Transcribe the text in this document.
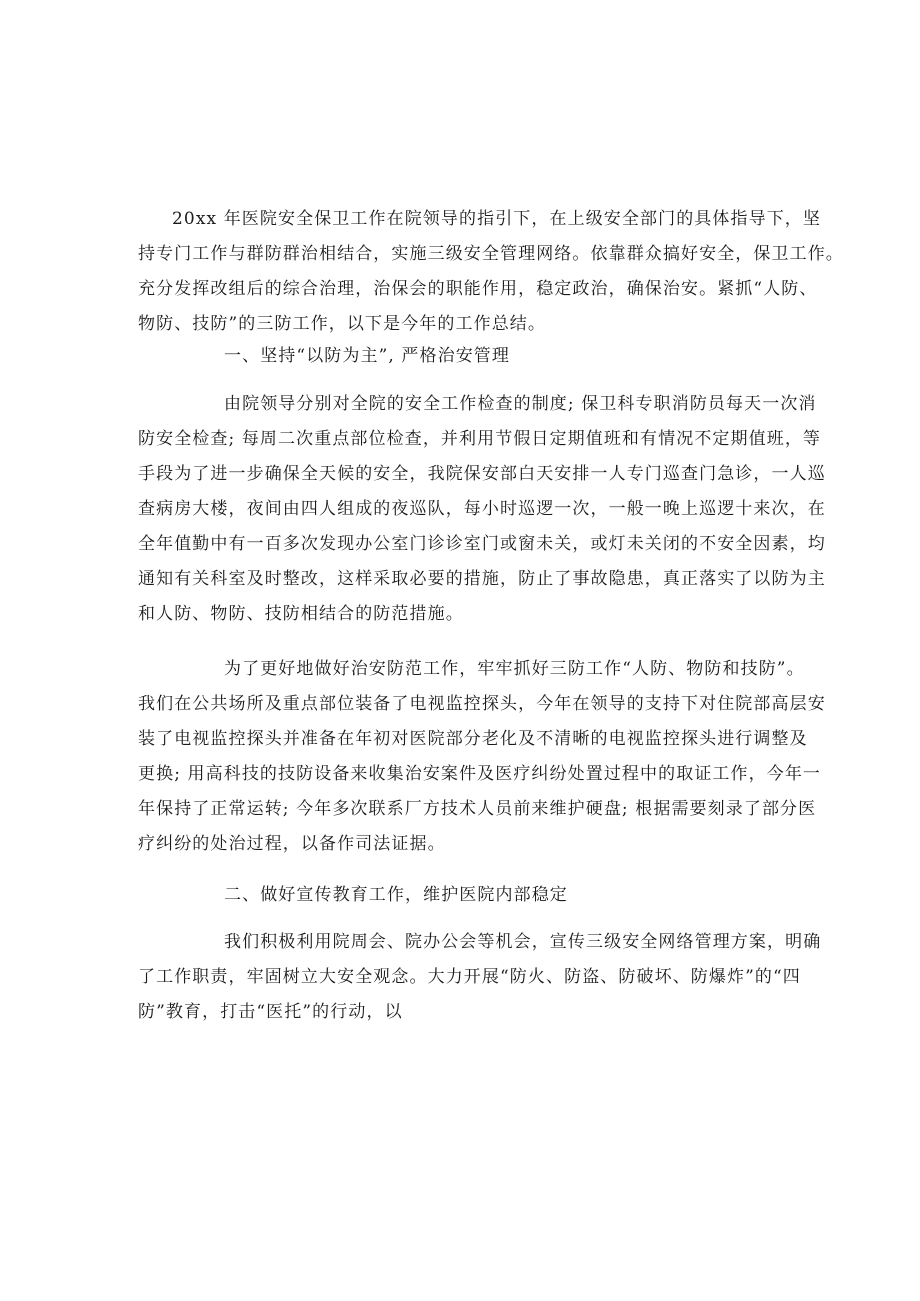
20xx 年医院安全保卫工作在院领导的指引下，在上级安全部门的具体指导下，坚
持专门工作与群防群治相结合，实施三级安全管理网络。依靠群众搞好安全，保卫工作。
充分发挥改组后的综合治理，治保会的职能作用，稳定政治，确保治安。紧抓“人防、
物防、技防”的三防工作，以下是今年的工作总结。

一、坚持“以防为主”, 严格治安管理

由院领导分别对全院的安全工作检查的制度; 保卫科专职消防员每天一次消
防安全检查; 每周二次重点部位检查，并利用节假日定期值班和有情况不定期值班，等
手段为了进一步确保全天候的安全，我院保安部白天安排一人专门巡查门急诊，一人巡
查病房大楼，夜间由四人组成的夜巡队，每小时巡逻一次，一般一晚上巡逻十来次，在
全年值勤中有一百多次发现办公室门诊诊室门或窗未关，或灯未关闭的不安全因素，均
通知有关科室及时整改，这样采取必要的措施，防止了事故隐患，真正落实了以防为主
和人防、物防、技防相结合的防范措施。
为了更好地做好治安防范工作，牢牢抓好三防工作“人防、物防和技防”。
我们在公共场所及重点部位装备了电视监控探头，今年在领导的支持下对住院部高层安
装了电视监控探头并准备在年初对医院部分老化及不清晰的电视监控探头进行调整及
更换; 用高科技的技防设备来收集治安案件及医疗纠纷处置过程中的取证工作，今年一
年保持了正常运转; 今年多次联系厂方技术人员前来维护硬盘; 根据需要刻录了部分医
疗纠纷的处治过程，以备作司法证据。

二、做好宣传教育工作，维护医院内部稳定

我们积极利用院周会、院办公会等机会，宣传三级安全网络管理方案，明确
了工作职责，牢固树立大安全观念。大力开展“防火、防盗、防破坏、防爆炸”的“四
防”教育，打击“医托”的行动，以
